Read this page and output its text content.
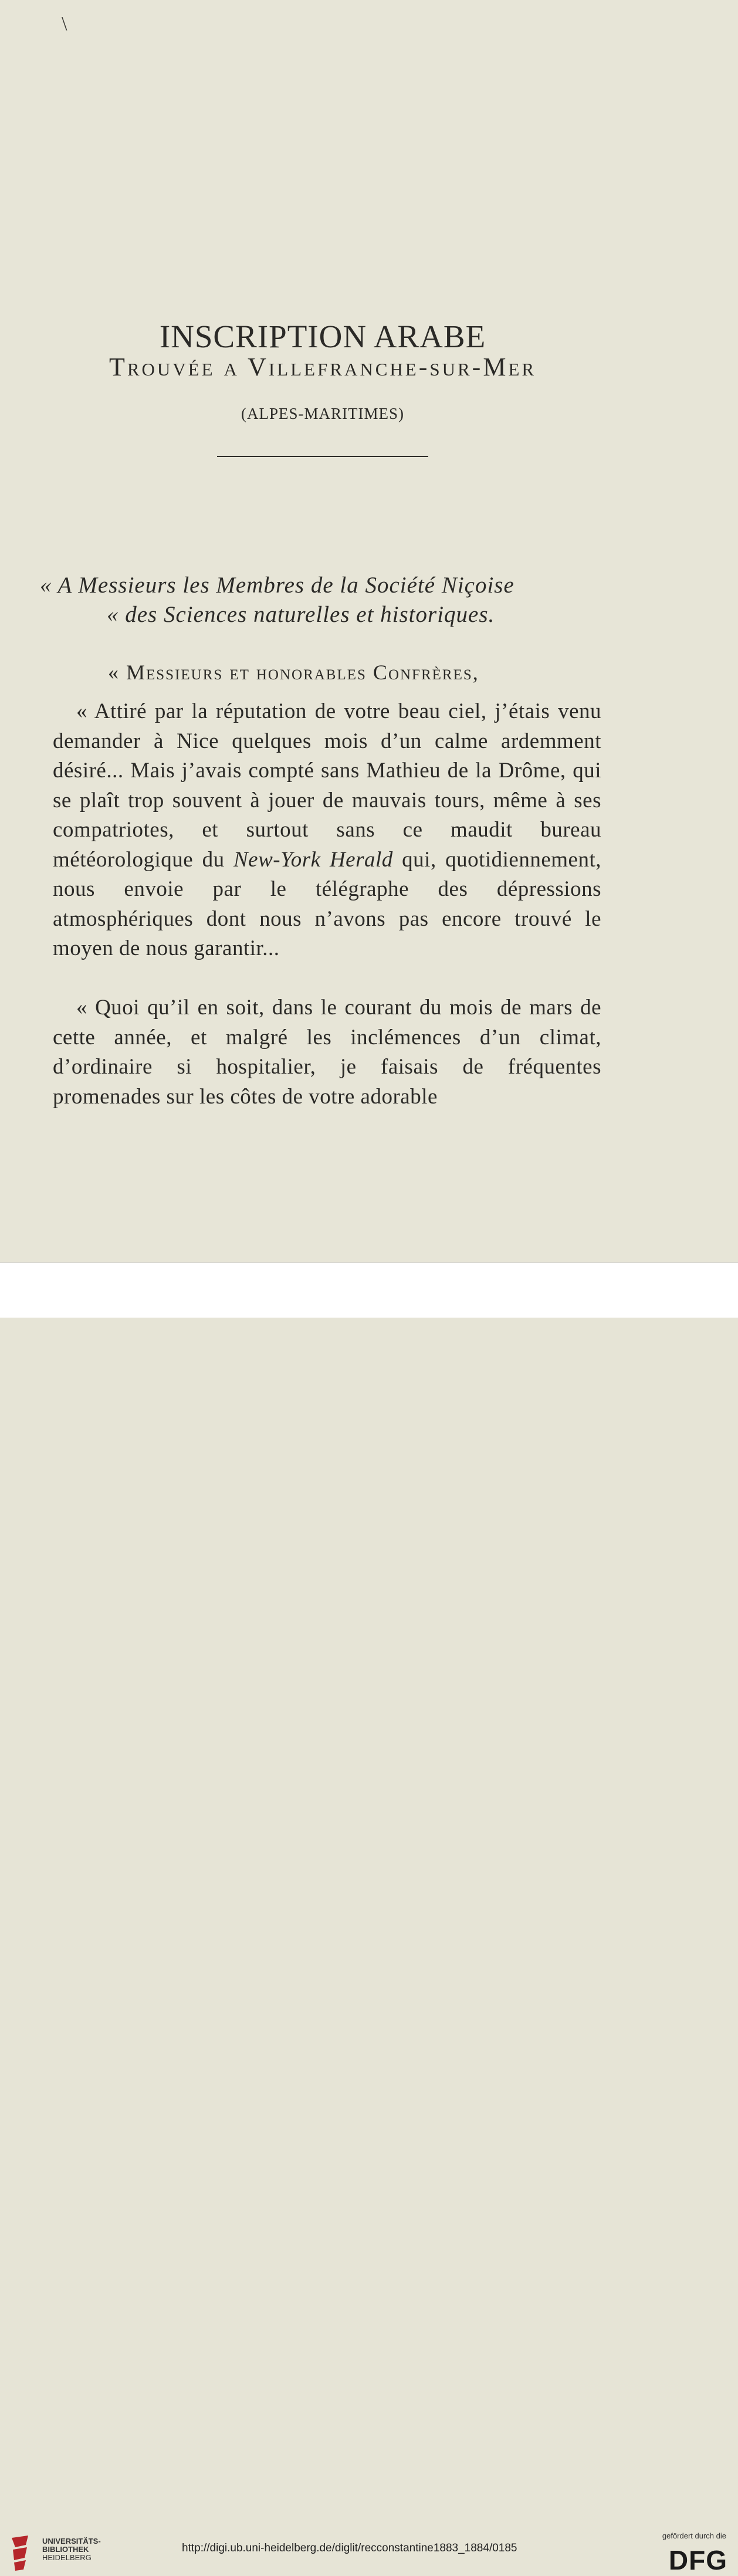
\
INSCRIPTION ARABE
Trouvée a Villefranche-sur-Mer
(ALPES-MARITIMES)
« A Messieurs les Membres de la Société Niçoise
« des Sciences naturelles et historiques.
« Messieurs et honorables Confrères,
« Attiré par la réputation de votre beau ciel, j’étais venu demander à Nice quelques mois d’un calme ardemment désiré... Mais j’avais compté sans Mathieu de la Drôme, qui se plaît trop souvent à jouer de mauvais tours, même à ses compatriotes, et surtout sans ce maudit bureau météorologique du New-York Herald qui, quotidiennement, nous envoie par le télégraphe des dépressions atmosphériques dont nous n’avons pas encore trouvé le moyen de nous garantir...
« Quoi qu’il en soit, dans le courant du mois de mars de cette année, et malgré les inclémences d’un climat, d’ordinaire si hospitalier, je faisais de fréquentes promenades sur les côtes de votre adorable
UNIVERSITÄTS-
BIBLIOTHEK
HEIDELBERG
http://digi.ub.uni-heidelberg.de/diglit/recconstantine1883_1884/0185
gefördert durch die
DFG
